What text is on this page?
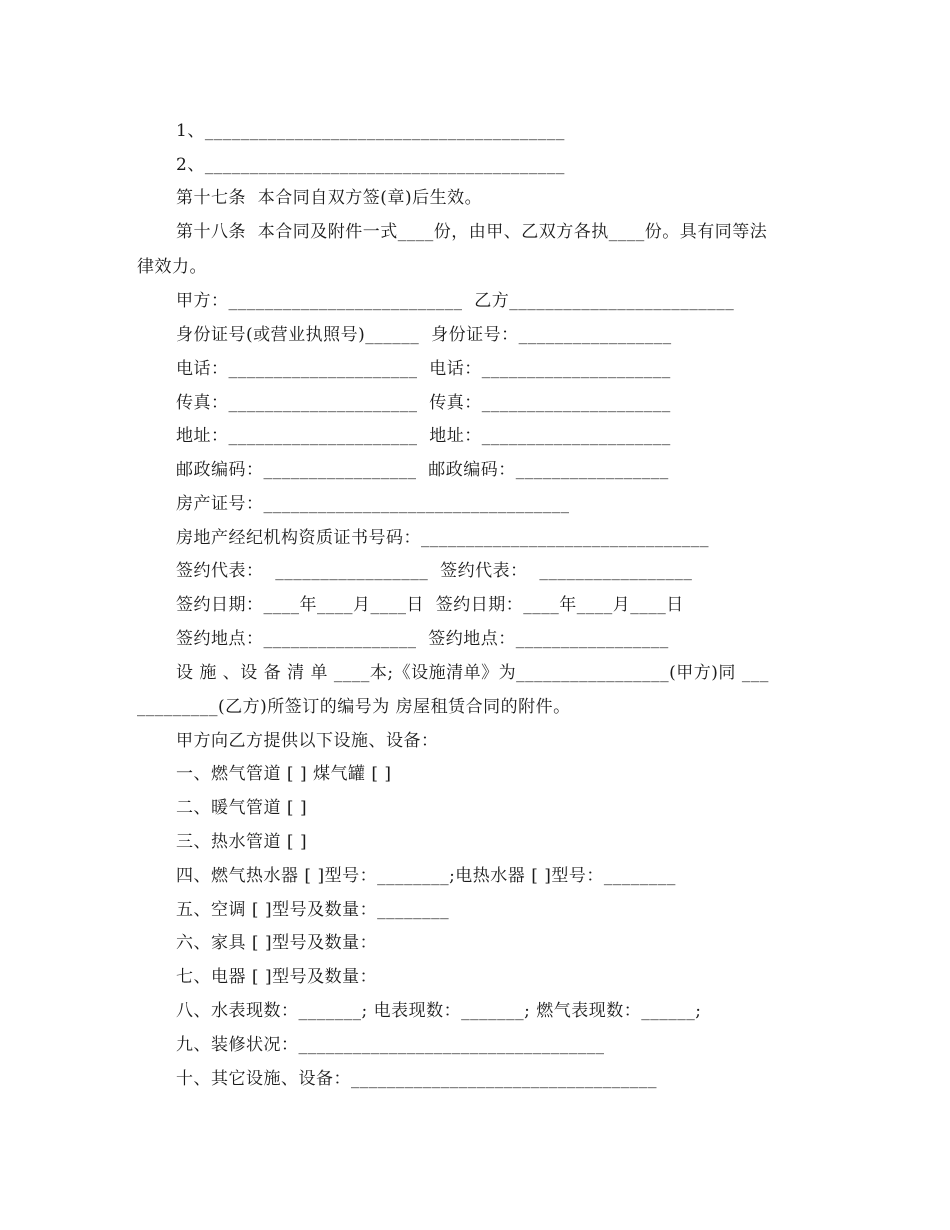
1、________________________________________
2、________________________________________
第十七条  本合同自双方签(章)后生效。
第十八条  本合同及附件一式____份，由甲、乙双方各执____份。具有同等法
律效力。
甲方：__________________________  乙方_________________________
身份证号(或营业执照号)______  身份证号：_________________
电话：_____________________  电话：_____________________
传真：_____________________  传真：_____________________
地址：_____________________  地址：_____________________
邮政编码：_________________  邮政编码：_________________
房产证号：__________________________________
房地产经纪机构资质证书号码：________________________________
签约代表：  _________________  签约代表：  _________________
签约日期：____年____月____日  签约日期：____年____月____日
签约地点：_________________  签约地点：_________________
设 施 、设 备 清 单 ____本;《设施清单》为_________________(甲方)同 ___
_________(乙方)所签订的编号为 房屋租赁合同的附件。
甲方向乙方提供以下设施、设备：
一、燃气管道 [ ] 煤气罐 [ ]
二、暖气管道 [ ]
三、热水管道 [ ]
四、燃气热水器 [ ]型号：________;电热水器 [ ]型号：________
五、空调 [ ]型号及数量：________
六、家具 [ ]型号及数量：
七、电器 [ ]型号及数量：
八、水表现数：_______; 电表现数：_______; 燃气表现数：______;
九、装修状况：__________________________________
十、其它设施、设备：__________________________________
